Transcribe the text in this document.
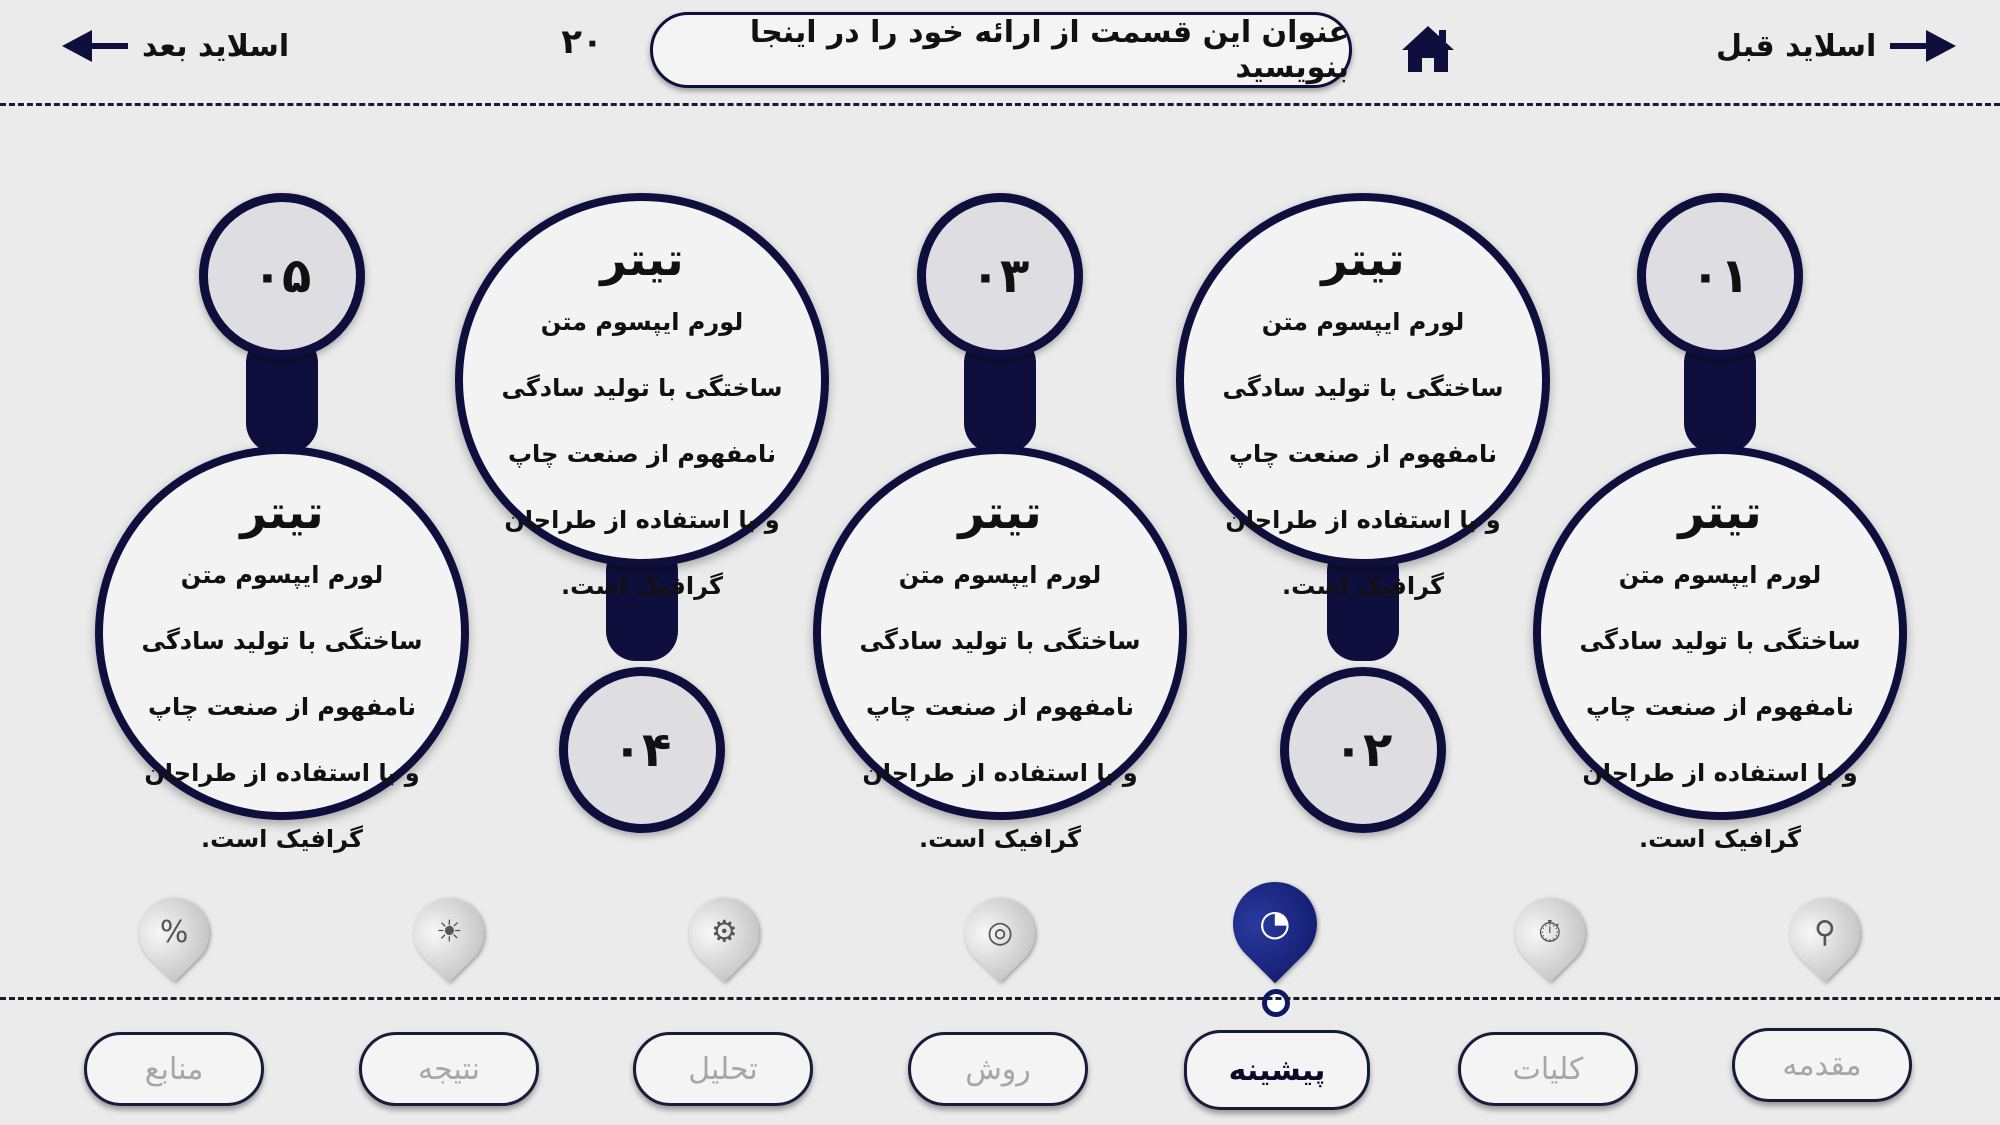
اسلاید قبل
عنوان این قسمت از ارائه خود را در اینجا بنویسید
۲۰
اسلاید بعد
۰۱
تیتر
لورم ایپسوم متن ساختگی با تولید سادگی نامفهوم از صنعت چاپ و با استفاده از طراحان گرافیک است.
تیتر
لورم ایپسوم متن ساختگی با تولید سادگی نامفهوم از صنعت چاپ و با استفاده از طراحان گرافیک است.
۰۲
۰۳
تیتر
لورم ایپسوم متن ساختگی با تولید سادگی نامفهوم از صنعت چاپ و با استفاده از طراحان گرافیک است.
تیتر
لورم ایپسوم متن ساختگی با تولید سادگی نامفهوم از صنعت چاپ و با استفاده از طراحان گرافیک است.
۰۴
۰۵
تیتر
لورم ایپسوم متن ساختگی با تولید سادگی نامفهوم از صنعت چاپ و با استفاده از طراحان گرافیک است.
⚲
⏱
◔
◎
⚙
☀
%
مقدمه
کلیات
پیشینه
روش
تحلیل
نتیجه
منابع
